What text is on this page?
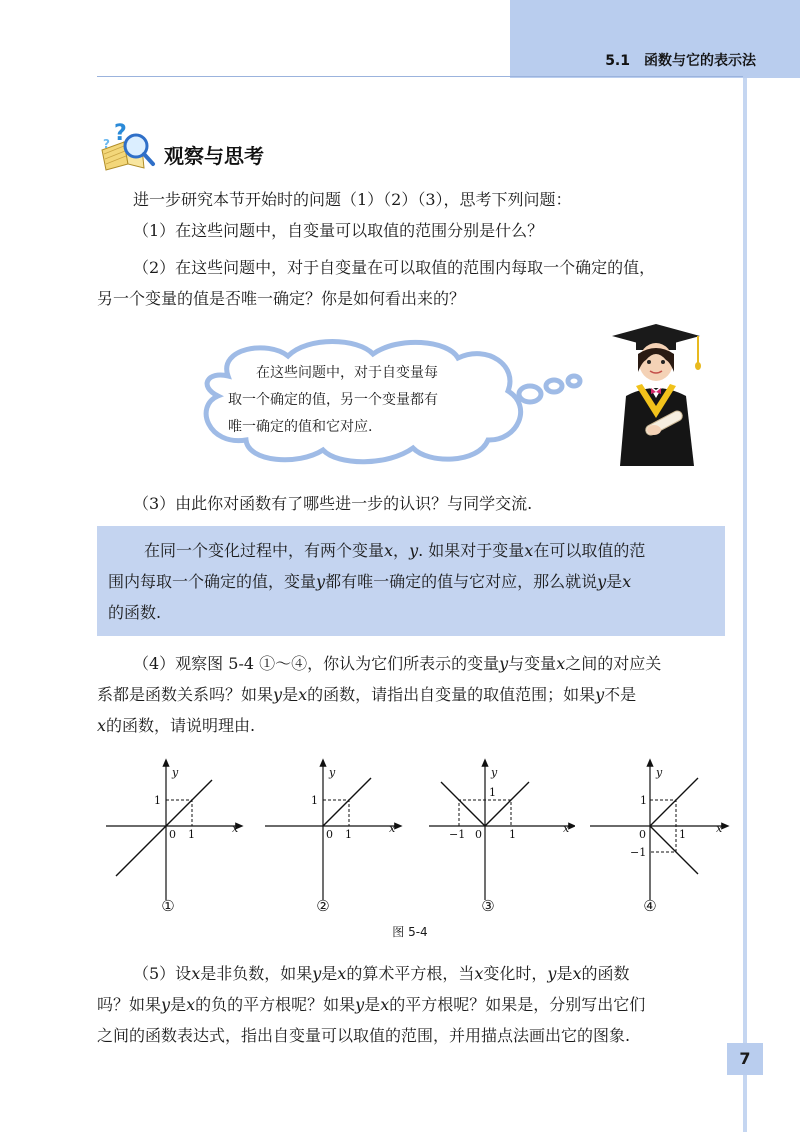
5.1 函数与它的表示法
?
?	观察与思考
进一步研究本节开始时的问题（1）（2）（3），思考下列问题：
（1）在这些问题中，自变量可以取值的范围分别是什么？
（2）在这些问题中，对于自变量在可以取值的范围内每取一个确定的值，
另一个变量的值是否唯一确定？你是如何看出来的？
在这些问题中，对于自变量每
取一个确定的值，另一个变量都有
唯一确定的值和它对应.
（3）由此你对函数有了哪些进一步的认识？与同学交流.
在同一个变化过程中，有两个变量x，y. 如果对于变量x在可以取值的范
围内每取一个确定的值，变量y都有唯一确定的值与它对应，那么就说y是x
的函数.
（4）观察图 5-4 ①～④，你认为它们所表示的变量y与变量x之间的对应关
系都是函数关系吗？如果y是x的函数，请指出自变量的取值范围；如果y不是
x的函数，请说明理由.
x
y
0 1
1
①
x
y
0 1
1
②
x
y
0 1
−1
1
③
x
y
0	1
1
−1
④
图 5-4
（5）设x是非负数，如果y是x的算术平方根，当x变化时，y是x的函数
吗？如果y是x的负的平方根呢？如果y是x的平方根呢？如果是，分别写出它们
之间的函数表达式，指出自变量可以取值的范围，并用描点法画出它的图象.
7
